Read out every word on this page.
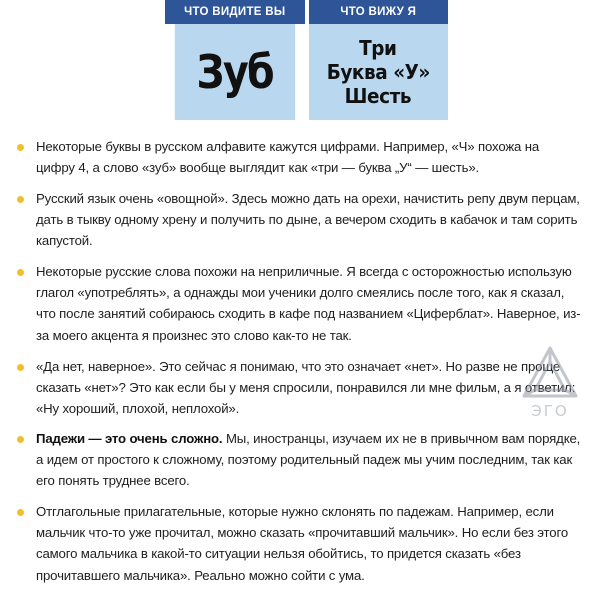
ЧТО ВИДИТЕ ВЫ
Зуб
ЧТО ВИЖУ Я
Три
Буква «У»
Шесть

Некоторые буквы в русском алфавите кажутся цифрами. Например, «Ч» похожа на цифру 4, а слово «зуб» вообще выглядит как «три — буква „У“ — шесть».

Русский язык очень «овощной». Здесь можно дать на орехи, начистить репу двум перцам, дать в тыкву одному хрену и получить по дыне, а вечером сходить в кабачок и там сорить капустой.

Некоторые русские слова похожи на неприличные. Я всегда с осторожностью использую глагол «употреблять», а однажды мои ученики долго смеялись после того, как я сказал, что после занятий собираюсь сходить в кафе под названием «Циферблат». Наверное, из-за моего акцента я произнес это слово как-то не так.

«Да нет, наверное». Это сейчас я понимаю, что это означает «нет». Но разве не проще сказать «нет»? Это как если бы у меня спросили, понравился ли мне фильм, а я ответил: «Ну хороший, плохой, неплохой».

Падежи — это очень сложно. Мы, иностранцы, изучаем их не в привычном вам порядке, а идем от простого к сложному, поэтому родительный падеж мы учим последним, так как его понять труднее всего.

Отглагольные прилагательные, которые нужно склонять по падежам. Например, если мальчик что-то уже прочитал, можно сказать «прочитавший мальчик». Но если без этого самого мальчика в какой-то ситуации нельзя обойтись, то придется сказать «без прочитавшего мальчика». Реально можно сойти с ума.

ЭГО
